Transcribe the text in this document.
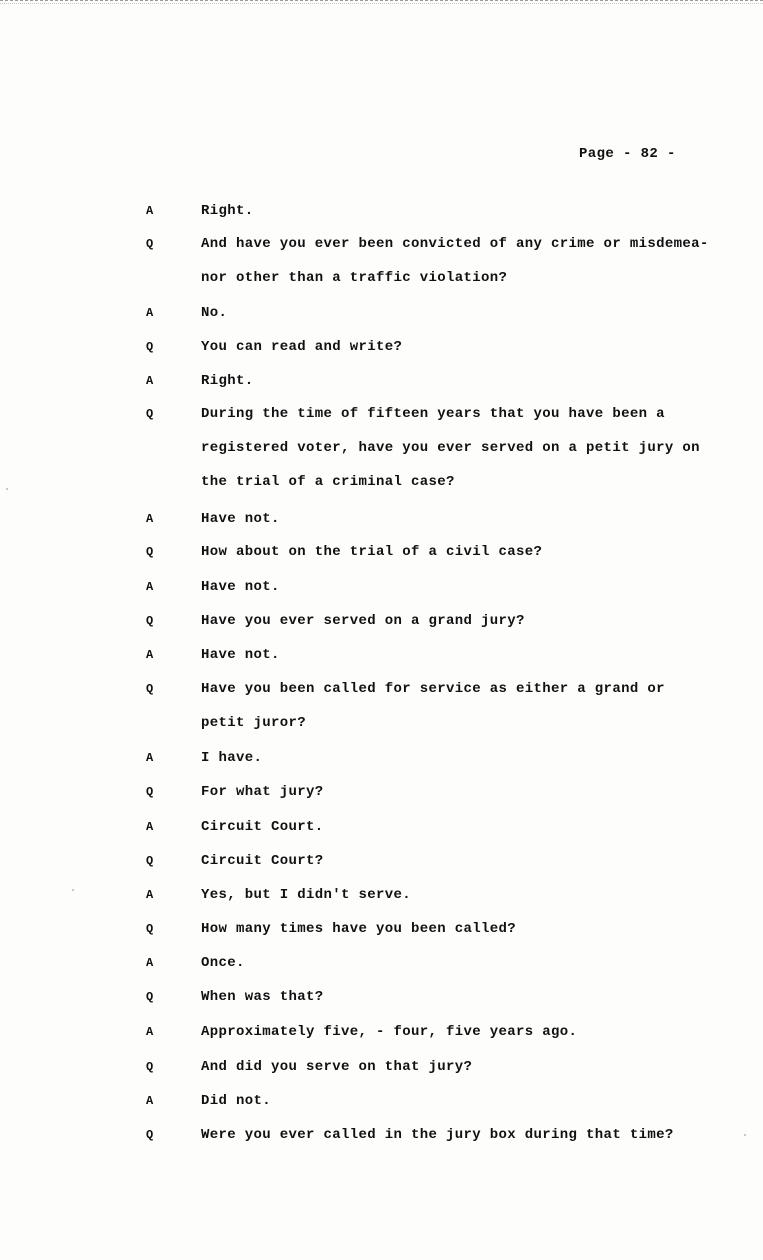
Page - 82 -
A	Right.
Q	And have you ever been convicted of any crime or misdemea-
nor other than a traffic violation?
A	No.
Q	You can read and write?
A	Right.
Q	During the time of fifteen years that you have been a
registered voter, have you ever served on a petit jury on
the trial of a criminal case?
A	Have not.
Q	How about on the trial of a civil case?
A	Have not.
Q	Have you ever served on a grand jury?
A	Have not.
Q	Have you been called for service as either a grand or
petit juror?
A	I have.
Q	For what jury?
A	Circuit Court.
Q	Circuit Court?
A	Yes, but I didn't serve.
Q	How many times have you been called?
A	Once.
Q	When was that?
A	Approximately five, - four, five years ago.
Q	And did you serve on that jury?
A	Did not.
Q	Were you ever called in the jury box during that time?
